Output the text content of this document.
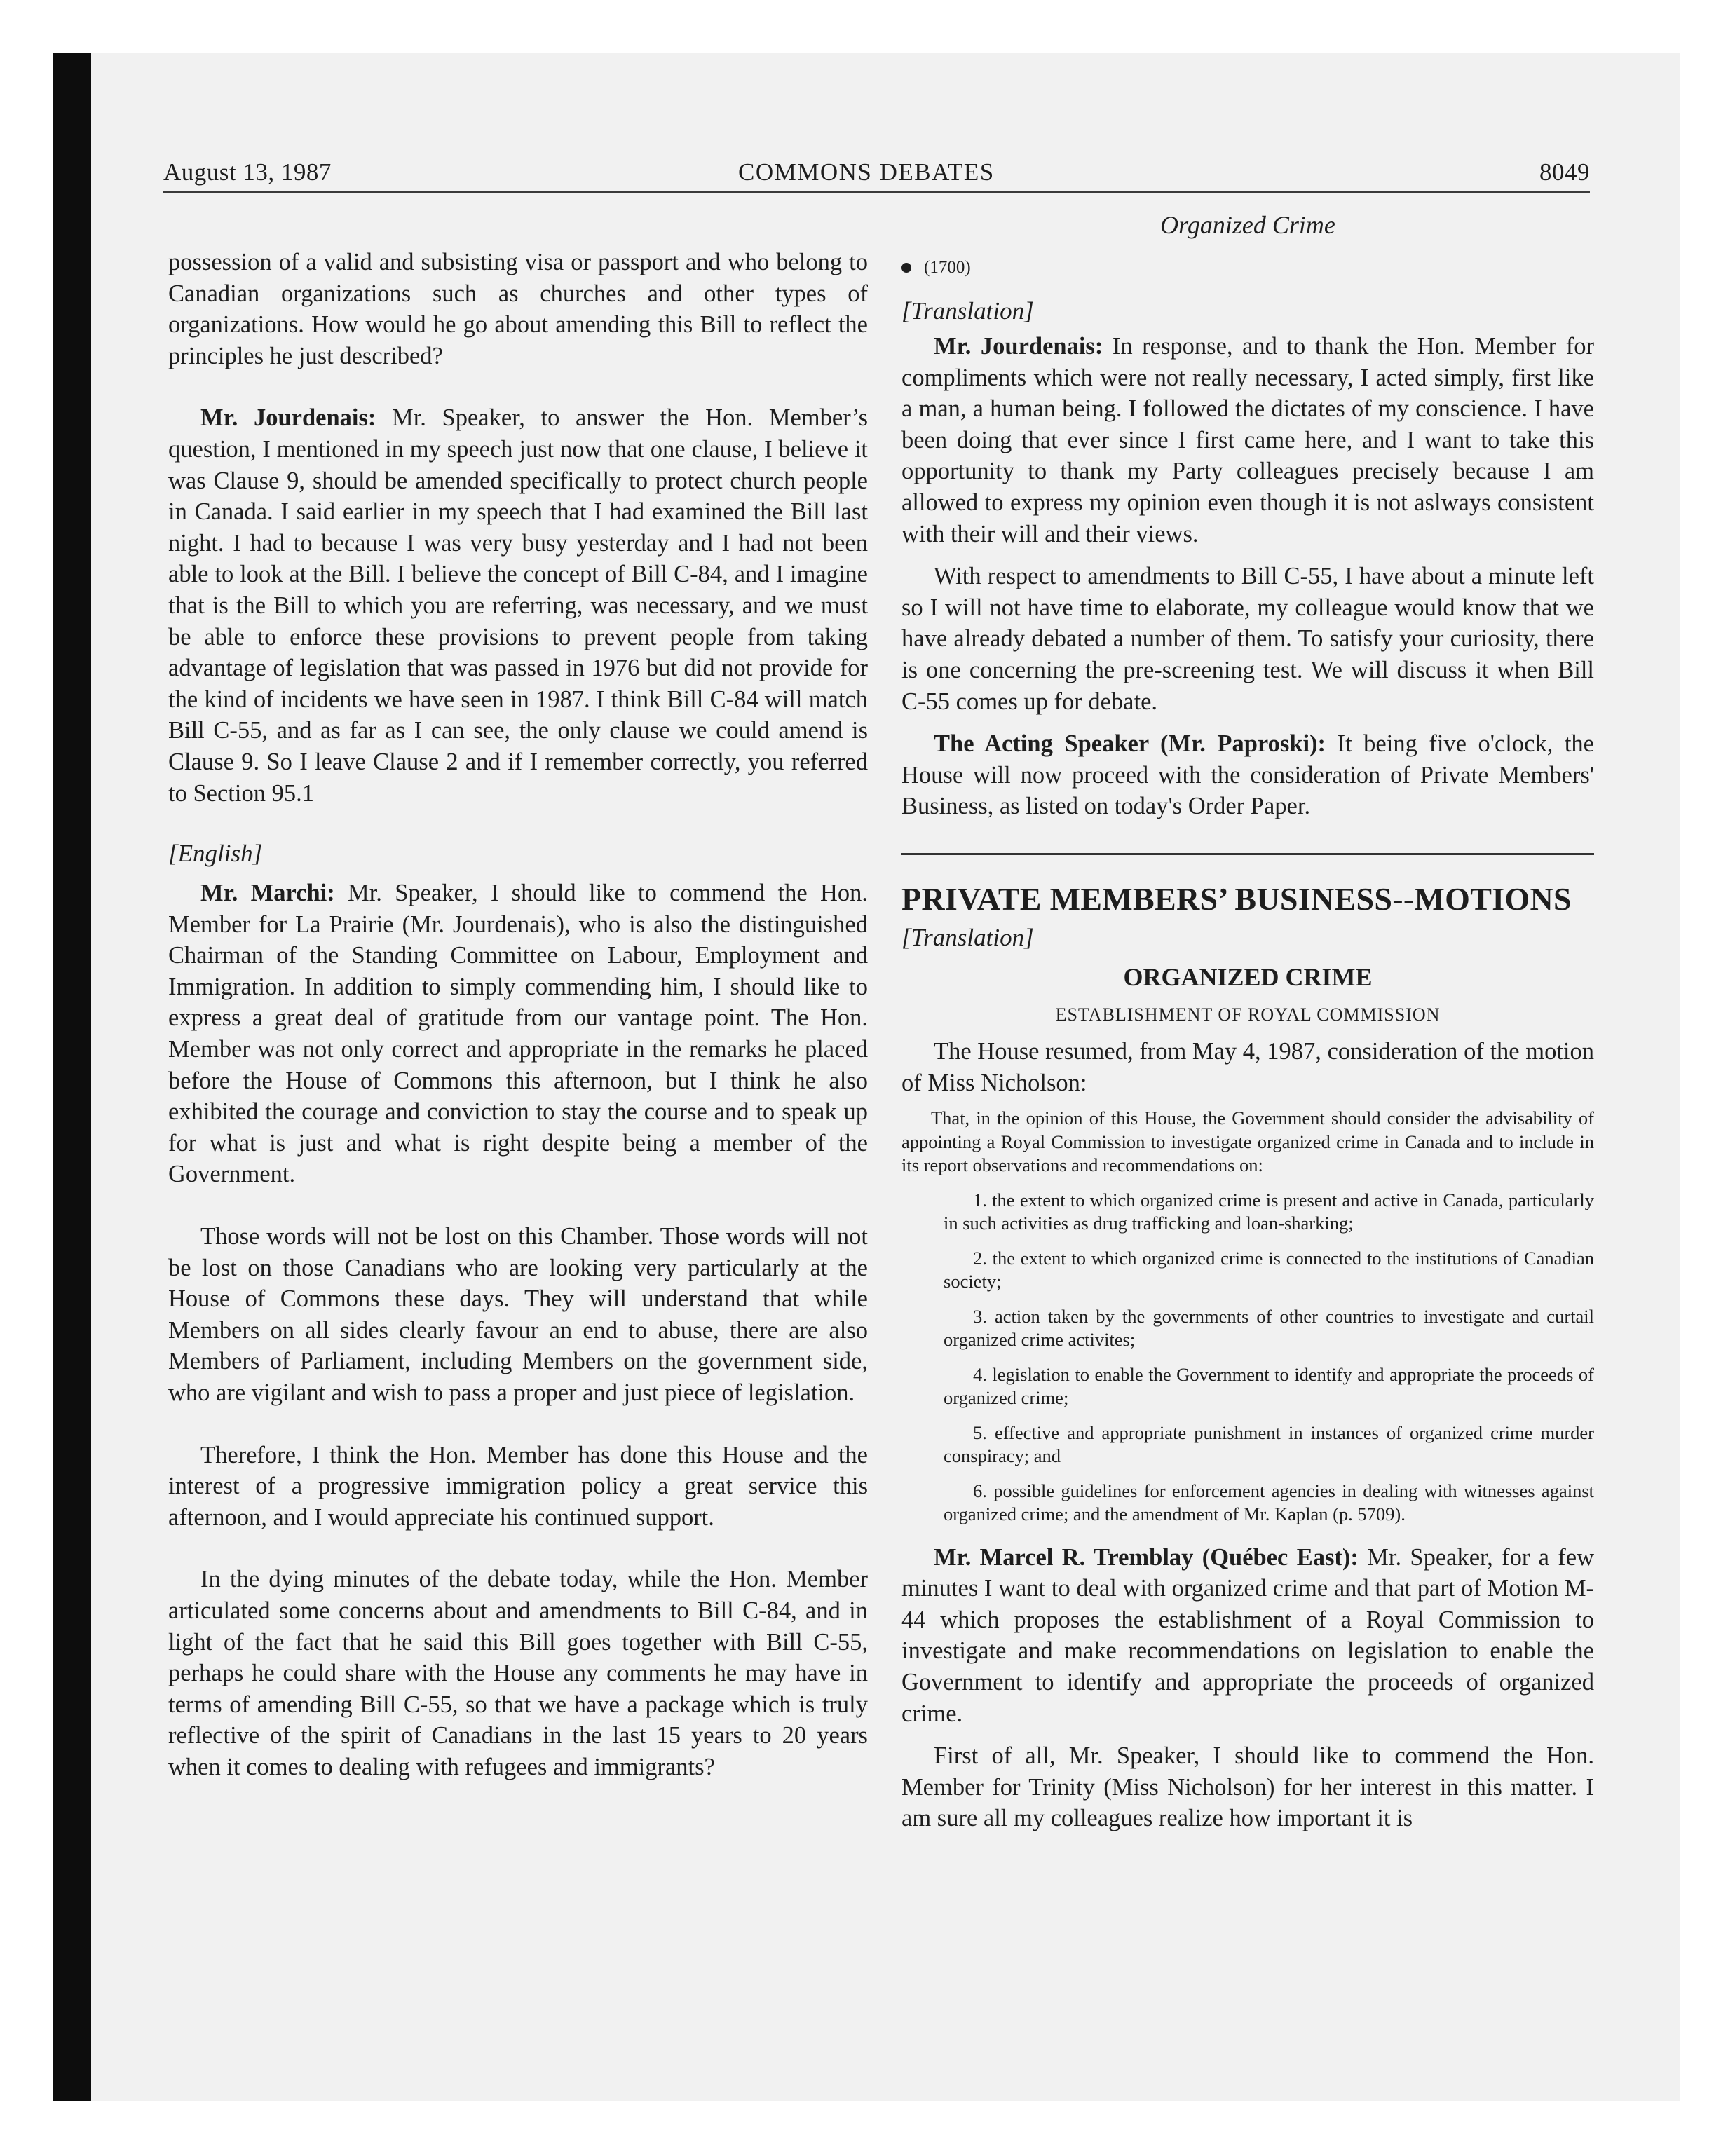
August 13, 1987	COMMONS DEBATES	8049

possession of a valid and subsisting visa or passport and who belong to Canadian organizations such as churches and other types of organizations. How would he go about amending this Bill to reflect the principles he just described?

Mr. Jourdenais: Mr. Speaker, to answer the Hon. Member’s question, I mentioned in my speech just now that one clause, I believe it was Clause 9, should be amended specifically to protect church people in Canada. I said earlier in my speech that I had examined the Bill last night. I had to because I was very busy yesterday and I had not been able to look at the Bill. I believe the concept of Bill C-84, and I imagine that is the Bill to which you are referring, was necessary, and we must be able to enforce these provisions to prevent people from taking advantage of legislation that was passed in 1976 but did not provide for the kind of incidents we have seen in 1987. I think Bill C-84 will match Bill C-55, and as far as I can see, the only clause we could amend is Clause 9. So I leave Clause 2 and if I remember correctly, you referred to Section 95.1

[English]

Mr. Marchi: Mr. Speaker, I should like to commend the Hon. Member for La Prairie (Mr. Jourdenais), who is also the distinguished Chairman of the Standing Committee on Labour, Employment and Immigration. In addition to simply commending him, I should like to express a great deal of gratitude from our vantage point. The Hon. Member was not only correct and appropriate in the remarks he placed before the House of Commons this afternoon, but I think he also exhibited the courage and conviction to stay the course and to speak up for what is just and what is right despite being a member of the Government.

Those words will not be lost on this Chamber. Those words will not be lost on those Canadians who are looking very particularly at the House of Commons these days. They will understand that while Members on all sides clearly favour an end to abuse, there are also Members of Parliament, including Members on the government side, who are vigilant and wish to pass a proper and just piece of legislation.

Therefore, I think the Hon. Member has done this House and the interest of a progressive immigration policy a great service this afternoon, and I would appreciate his continued support.

In the dying minutes of the debate today, while the Hon. Member articulated some concerns about and amendments to Bill C-84, and in light of the fact that he said this Bill goes together with Bill C-55, perhaps he could share with the House any comments he may have in terms of amending Bill C-55, so that we have a package which is truly reflective of the spirit of Canadians in the last 15 years to 20 years when it comes to dealing with refugees and immigrants?

Organized Crime

(1700)

[Translation]

Mr. Jourdenais: In response, and to thank the Hon. Member for compliments which were not really necessary, I acted simply, first like a man, a human being. I followed the dictates of my conscience. I have been doing that ever since I first came here, and I want to take this opportunity to thank my Party colleagues precisely because I am allowed to express my opinion even though it is not aslways consistent with their will and their views.

With respect to amendments to Bill C-55, I have about a minute left so I will not have time to elaborate, my colleague would know that we have already debated a number of them. To satisfy your curiosity, there is one concerning the pre-screening test. We will discuss it when Bill C-55 comes up for debate.

The Acting Speaker (Mr. Paproski): It being five o'clock, the House will now proceed with the consideration of Private Members' Business, as listed on today's Order Paper.

PRIVATE MEMBERS’ BUSINESS--MOTIONS

[Translation]

ORGANIZED CRIME

ESTABLISHMENT OF ROYAL COMMISSION

The House resumed, from May 4, 1987, consideration of the motion of Miss Nicholson:

That, in the opinion of this House, the Government should consider the advisability of appointing a Royal Commission to investigate organized crime in Canada and to include in its report observations and recommendations on:

1. the extent to which organized crime is present and active in Canada, particularly in such activities as drug trafficking and loan-sharking;

2. the extent to which organized crime is connected to the institutions of Canadian society;

3. action taken by the governments of other countries to investigate and curtail organized crime activites;

4. legislation to enable the Government to identify and appropriate the proceeds of organized crime;

5. effective and appropriate punishment in instances of organized crime murder conspiracy; and

6. possible guidelines for enforcement agencies in dealing with witnesses against organized crime; and the amendment of Mr. Kaplan (p. 5709).

Mr. Marcel R. Tremblay (Québec East): Mr. Speaker, for a few minutes I want to deal with organized crime and that part of Motion M-44 which proposes the establishment of a Royal Commission to investigate and make recommendations on legislation to enable the Government to identify and appropriate the proceeds of organized crime.

First of all, Mr. Speaker, I should like to commend the Hon. Member for Trinity (Miss Nicholson) for her interest in this matter. I am sure all my colleagues realize how important it is
